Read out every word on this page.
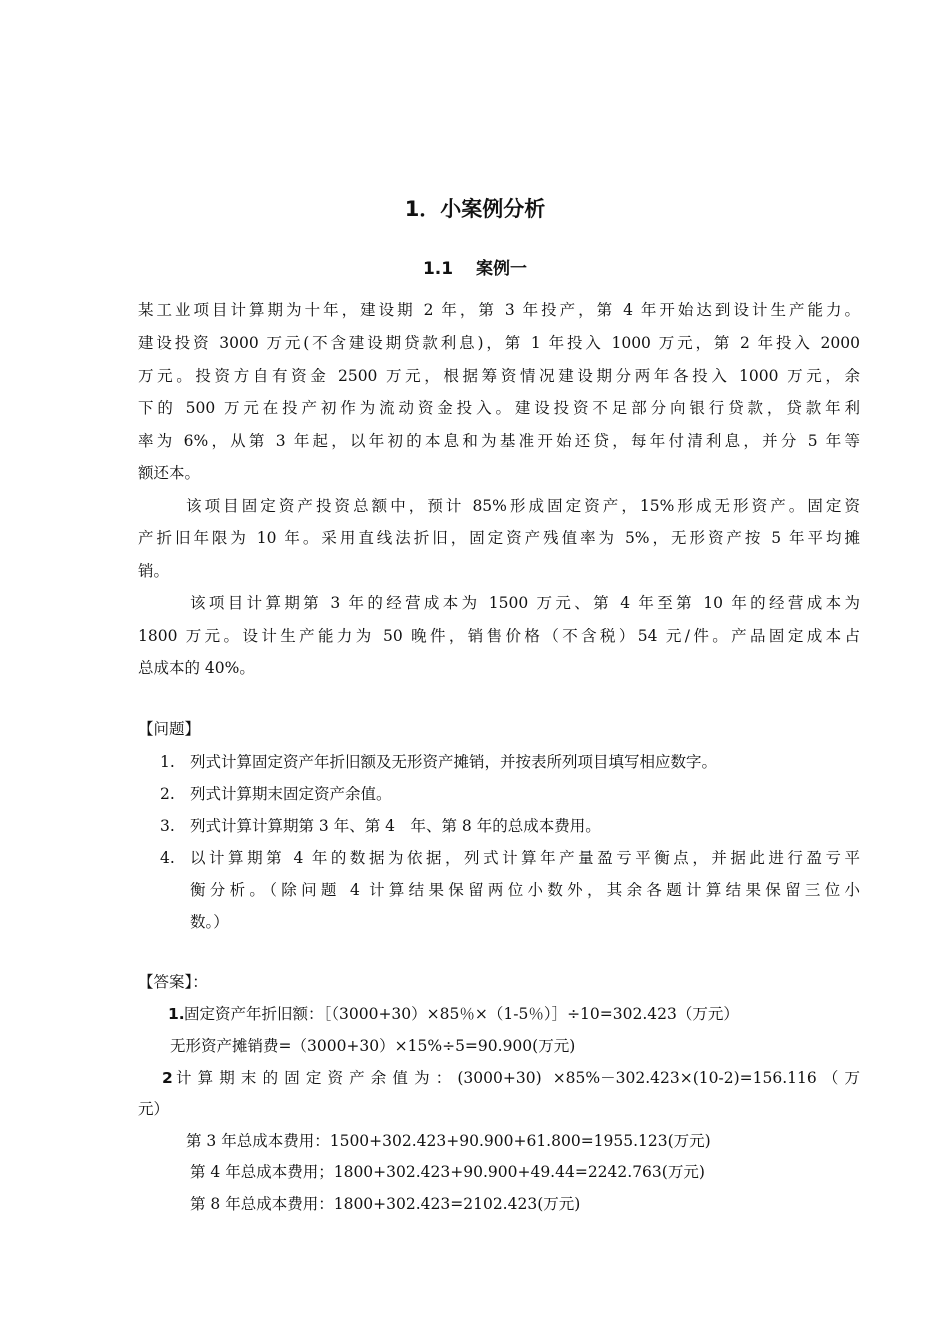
1．小案例分析
1.1　 案例一
某工业项目计算期为十年，建设期 2 年，第 3 年投产，第 4 年开始达到设计生产能力。
建设投资 3000 万元(不含建设期贷款利息)，第 1 年投入 1000 万元，第 2 年投入 2000
万元。投资方自有资金 2500 万元，根据筹资情况建设期分两年各投入 1000 万元，余
下的 500 万元在投产初作为流动资金投入。建设投资不足部分向银行贷款，贷款年利
率为 6%，从第 3 年起，以年初的本息和为基准开始还贷，每年付清利息，并分 5 年等
额还本。
该项目固定资产投资总额中，预计 85%形成固定资产，15%形成无形资产。固定资
产折旧年限为 10 年。采用直线法折旧，固定资产残值率为 5%，无形资产按 5 年平均摊
销。
该项目计算期第 3 年的经营成本为 1500 万元、第 4 年至第 10 年的经营成本为
1800 万元。设计生产能力为 50 晚件，销售价格（不含税）54 元/件。产品固定成本占
总成本的 40%。
【问题】
1. 列式计算固定资产年折旧额及无形资产摊销，并按表所列项目填写相应数字。
2. 列式计算期末固定资产余值。
3. 列式计算计算期第 3 年、第 4　年、第 8 年的总成本费用。
4. 以计算期第 4 年的数据为依据，列式计算年产量盈亏平衡点，并据此进行盈亏平
衡分析。（除问题 4 计算结果保留两位小数外，其余各题计算结果保留三位小
数。）
【答案】：
1. 固定资产年折旧额：［（3000+30）×85％×（1-5％）］÷10=302.423（万元）
无形资产摊销费=（3000+30）×15%÷5=90.900(万元)
2 计算期末的固定资产余值为：(3000+30) ×85%－302.423×(10-2)=156.116（万
元）
第 3 年总成本费用：1500+302.423+90.900+61.800=1955.123(万元)
第 4 年总成本费用；1800+302.423+90.900+49.44=2242.763(万元)
第 8 年总成本费用：1800+302.423=2102.423(万元)
